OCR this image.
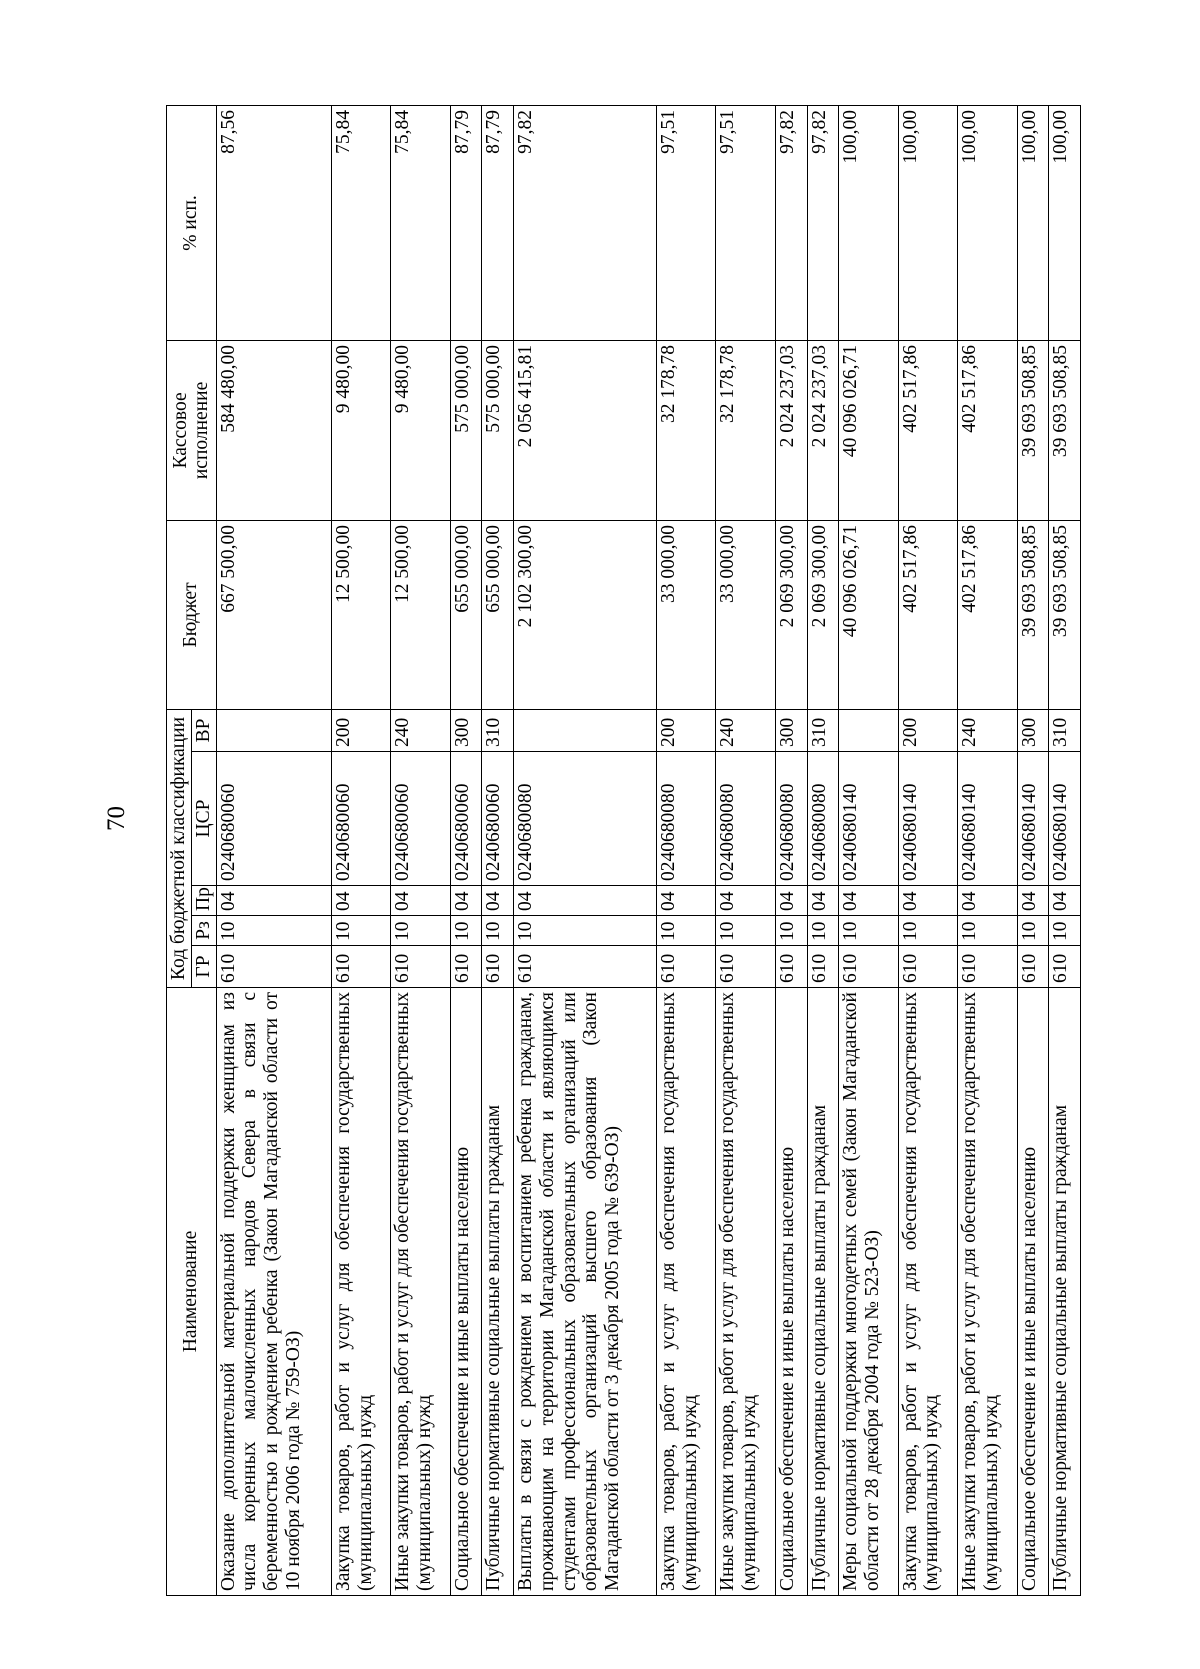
70
Наименование	Код бюджетной классификации					Бюджет	Кассовое исполнение	% исп.
	ГР	Рз	Пр	ЦСР	ВР			
Оказание дополнительной материальной поддержки женщинам из числа коренных малочисленных народов Севера в связи с беременностью и рождением ребенка (Закон Магаданской области от 10 ноября 2006 года № 759-ОЗ)	610	10	04	0240680060		667 500,00	584 480,00	87,56
Закупка товаров, работ и услуг для обеспечения государственных (муниципальных) нужд	610	10	04	0240680060	200	12 500,00	9 480,00	75,84
Иные закупки товаров, работ и услуг для обеспечения государственных (муниципальных) нужд	610	10	04	0240680060	240	12 500,00	9 480,00	75,84
Социальное обеспечение и иные выплаты населению	610	10	04	0240680060	300	655 000,00	575 000,00	87,79
Публичные нормативные социальные выплаты гражданам	610	10	04	0240680060	310	655 000,00	575 000,00	87,79
Выплаты в связи с рождением и воспитанием ребенка гражданам, проживающим на территории Магаданской области и являющимся студентами профессиональных образовательных организаций или образовательных организаций высшего образования (Закон Магаданской области от 3 декабря 2005 года № 639-ОЗ)	610	10	04	0240680080		2 102 300,00	2 056 415,81	97,82
Закупка товаров, работ и услуг для обеспечения государственных (муниципальных) нужд	610	10	04	0240680080	200	33 000,00	32 178,78	97,51
Иные закупки товаров, работ и услуг для обеспечения государственных (муниципальных) нужд	610	10	04	0240680080	240	33 000,00	32 178,78	97,51
Социальное обеспечение и иные выплаты населению	610	10	04	0240680080	300	2 069 300,00	2 024 237,03	97,82
Публичные нормативные социальные выплаты гражданам	610	10	04	0240680080	310	2 069 300,00	2 024 237,03	97,82
Меры социальной поддержки многодетных семей (Закон Магаданской области от 28 декабря 2004 года № 523-ОЗ)	610	10	04	0240680140		40 096 026,71	40 096 026,71	100,00
Закупка товаров, работ и услуг для обеспечения государственных (муниципальных) нужд	610	10	04	0240680140	200	402 517,86	402 517,86	100,00
Иные закупки товаров, работ и услуг для обеспечения государственных (муниципальных) нужд	610	10	04	0240680140	240	402 517,86	402 517,86	100,00
Социальное обеспечение и иные выплаты населению	610	10	04	0240680140	300	39 693 508,85	39 693 508,85	100,00
Публичные нормативные социальные выплаты гражданам	610	10	04	0240680140	310	39 693 508,85	39 693 508,85	100,00
